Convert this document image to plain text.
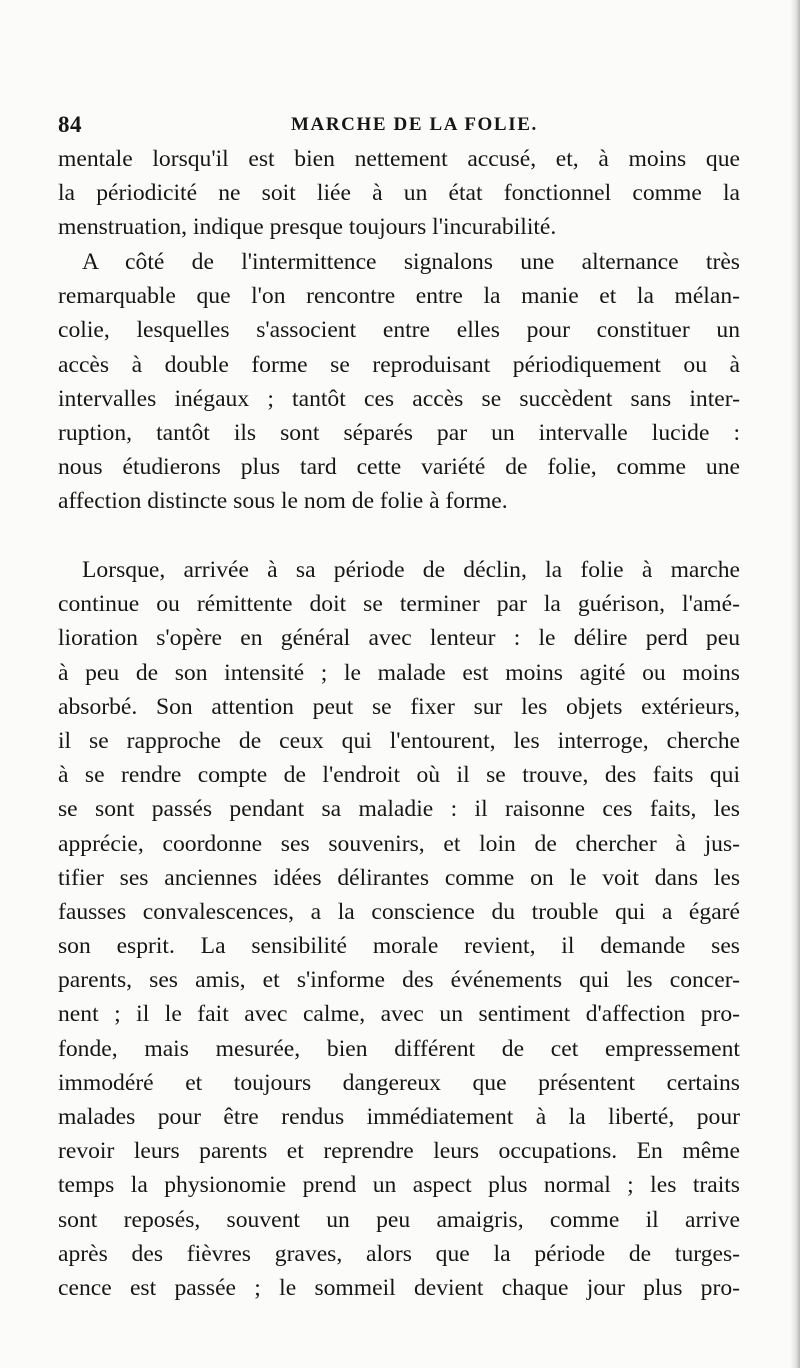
84	MARCHE DE LA FOLIE.
mentale lorsqu'il est bien nettement accusé, et, à moins que
la périodicité ne soit liée à un état fonctionnel comme la
menstruation, indique presque toujours l'incurabilité.
A côté de l'intermittence signalons une alternance très
remarquable que l'on rencontre entre la manie et la mélan-
colie, lesquelles s'associent entre elles pour constituer un
accès à double forme se reproduisant périodiquement ou à
intervalles inégaux ; tantôt ces accès se succèdent sans inter-
ruption, tantôt ils sont séparés par un intervalle lucide :
nous étudierons plus tard cette variété de folie, comme une
affection distincte sous le nom de folie à forme.
Lorsque, arrivée à sa période de déclin, la folie à marche
continue ou rémittente doit se terminer par la guérison, l'amé-
lioration s'opère en général avec lenteur : le délire perd peu
à peu de son intensité ; le malade est moins agité ou moins
absorbé. Son attention peut se fixer sur les objets extérieurs,
il se rapproche de ceux qui l'entourent, les interroge, cherche
à se rendre compte de l'endroit où il se trouve, des faits qui
se sont passés pendant sa maladie : il raisonne ces faits, les
apprécie, coordonne ses souvenirs, et loin de chercher à jus-
tifier ses anciennes idées délirantes comme on le voit dans les
fausses convalescences, a la conscience du trouble qui a égaré
son esprit. La sensibilité morale revient, il demande ses
parents, ses amis, et s'informe des événements qui les concer-
nent ; il le fait avec calme, avec un sentiment d'affection pro-
fonde, mais mesurée, bien différent de cet empressement
immodéré et toujours dangereux que présentent certains
malades pour être rendus immédiatement à la liberté, pour
revoir leurs parents et reprendre leurs occupations. En même
temps la physionomie prend un aspect plus normal ; les traits
sont reposés, souvent un peu amaigris, comme il arrive
après des fièvres graves, alors que la période de turges-
cence est passée ; le sommeil devient chaque jour plus pro-
